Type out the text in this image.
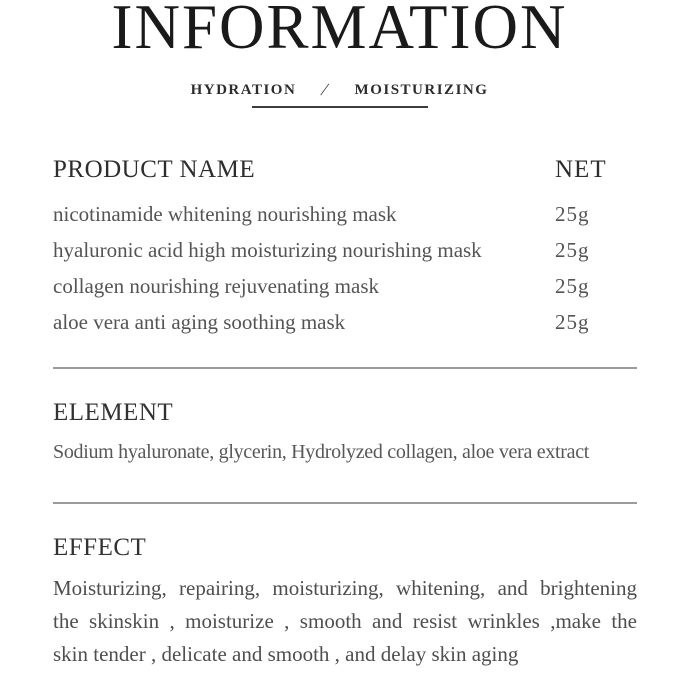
INFORMATION
HYDRATION / MOISTURIZING
PRODUCT NAME	NET
nicotinamide whitening nourishing mask	25g
hyaluronic acid high moisturizing nourishing mask	25g
collagen nourishing rejuvenating mask	25g
aloe vera anti aging soothing mask	25g
ELEMENT
Sodium hyaluronate, glycerin, Hydrolyzed collagen, aloe vera extract
EFFECT
Moisturizing, repairing, moisturizing, whitening, and brightening
the skinskin , moisturize , smooth and resist wrinkles ,make the
skin tender , delicate and smooth , and delay skin aging
